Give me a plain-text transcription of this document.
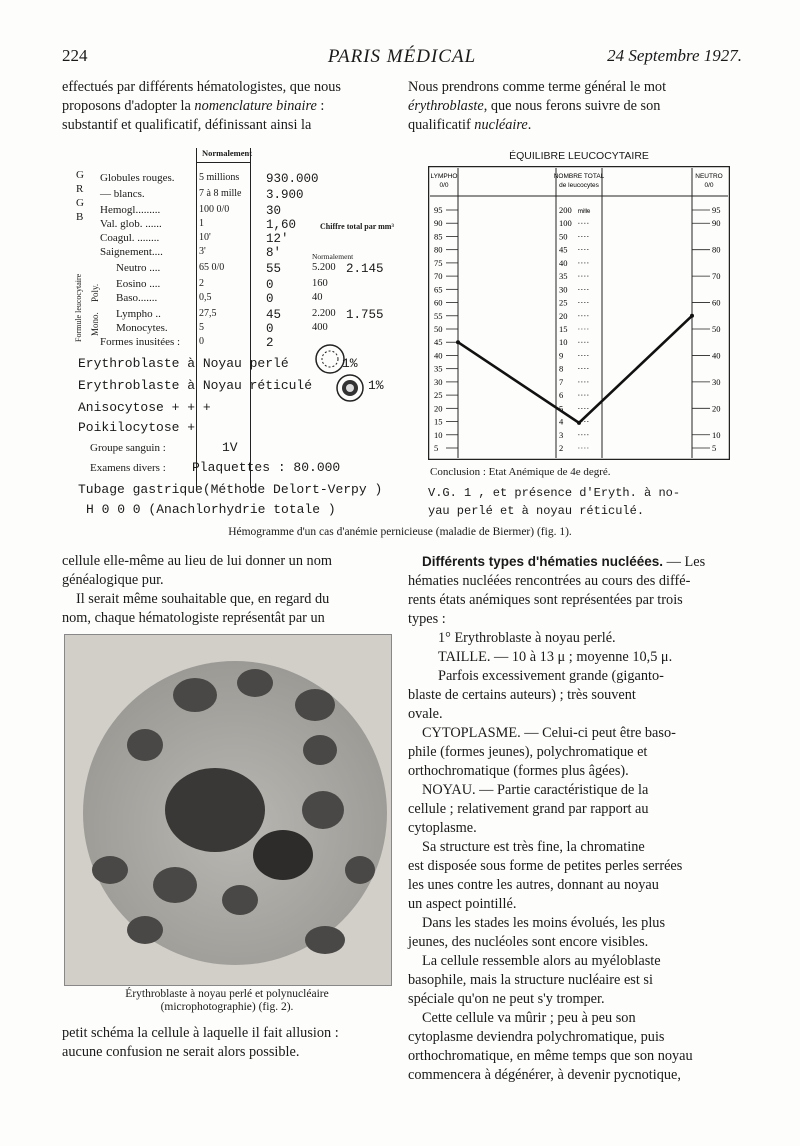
224	PARIS MÉDICAL	24 Septembre 1927.

effectués par différents hématologistes, que nous

proposons d'adopter la nomenclature binaire :

substantif et qualificatif, définissant ainsi la

Nous prendrons comme terme général le mot

érythroblaste, que nous ferons suivre de son

qualificatif nucléaire.

Normalement
Chiffre total par mm³
Normalement
G
R
G
B
Formule leucocytaire Poly.
Mono.
Globules rouges. 5 millions 930.000
— blancs.	7 à 8 mille 3.900
Hemogl.........	100 0/0	30
Val. glob. ......	1	1,60
Coagul. ........	10'	12'
Saignement....	3'	8'
Neutro ....	65 0/0	55	5.200 2.145
Eosino ....	2	0	160
Baso.......	0,5	0	40
Lympho ..	27,5	45	2.200 1.755
Monocytes.	5	0	400
Formes inusitées : 0	2
Erythroblaste à Noyau perlé	1%
Erythroblaste à Noyau réticulé	1%
Anisocytose + + +
Poikilocytose +
Groupe sanguin :	1V
Examens divers : Plaquettes : 80.000
Tubage gastrique(Méthode Delort-Verpy )
H 0 0 0 (Anachlorhydrie totale )
ÉQUILIBRE LEUCOCYTAIRE
LYMPHO
0/0
NOMBRE TOTAL
de leucocytes
NEUTRO
0/0
95
90
85
80
75
70
65
60
55
50
45
40
35
30
25
20
15
10
5
200
100
50
45
40
35
30
25
20
15
10
9
8
7
6
5
4
3
2
mille	95
90
80
70
60
50
40
30
20
10
5
Conclusion : Etat Anémique de 4e degré.
V.G. 1 , et présence d'Eryth. à no-
yau perlé et à noyau réticulé.
Hémogramme d'un cas d'anémie pernicieuse (maladie de Biermer) (fig. 1).

cellule elle-même au lieu de lui donner un nom

généalogique pur.

Il serait même souhaitable que, en regard du

nom, chaque hématologiste représentât par un

Érythroblaste à noyau perlé et polynucléaire
(microphotographie) (fig. 2).

petit schéma la cellule à laquelle il fait allusion :

aucune confusion ne serait alors possible.

Différents types d'hématies nucléées. — Les

hématies nucléées rencontrées au cours des diffé-

rents états anémiques sont représentées par trois

types :

1° Erythroblaste à noyau perlé.

TAILLE. — 10 à 13 μ ; moyenne 10,5 μ.

Parfois excessivement grande (giganto-

blaste de certains auteurs) ; très souvent

ovale.

CYTOPLASME. — Celui-ci peut être baso-

phile (formes jeunes), polychromatique et

orthochromatique (formes plus âgées).

NOYAU. — Partie caractéristique de la

cellule ; relativement grand par rapport au

cytoplasme.

Sa structure est très fine, la chromatine

est disposée sous forme de petites perles serrées

les unes contre les autres, donnant au noyau

un aspect pointillé.

Dans les stades les moins évolués, les plus

jeunes, des nucléoles sont encore visibles.

La cellule ressemble alors au myéloblaste

basophile, mais la structure nucléaire est si

spéciale qu'on ne peut s'y tromper.

Cette cellule va mûrir ; peu à peu son

cytoplasme deviendra polychromatique, puis

orthochromatique, en même temps que son noyau

commencera à dégénérer, à devenir pycnotique,
